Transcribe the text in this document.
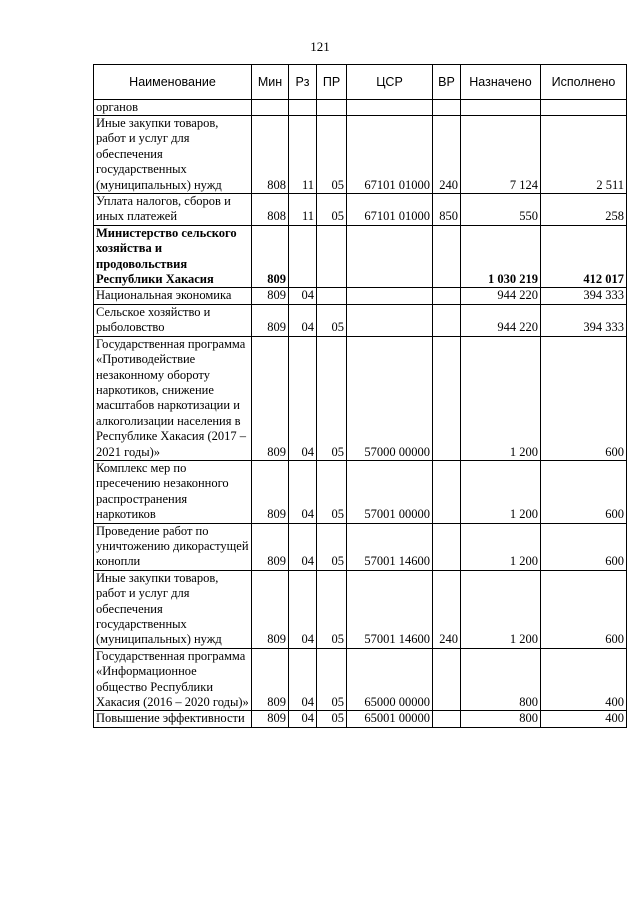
121
Наименование	Мин	Рз	ПР	ЦСР	ВР	Назначено	Исполнено
органов							
Иные закупки товаров, работ и услуг для обеспечения государственных (муниципальных) нужд	808	11	05	67101 01000	240	7 124	2 511
Уплата налогов, сборов и иных платежей	808	11	05	67101 01000	850	550	258
Министерство сельского хозяйства и продовольствия Республики Хакасия	809					1 030 219	412 017
Национальная экономика	809	04				944 220	394 333
Сельское хозяйство и рыболовство	809	04	05			944 220	394 333
Государственная программа «Противодействие незаконному обороту наркотиков, снижение масштабов наркотизации и алкоголизации населения в Республике Хакасия (2017 – 2021 годы)»	809	04	05	57000 00000		1 200	600
Комплекс мер по пресечению незаконного распространения наркотиков	809	04	05	57001 00000		1 200	600
Проведение работ по уничтожению дикорастущей конопли	809	04	05	57001 14600		1 200	600
Иные закупки товаров, работ и услуг для обеспечения государственных (муниципальных) нужд	809	04	05	57001 14600	240	1 200	600
Государственная программа «Информационное общество Республики Хакасия (2016 – 2020 годы)»	809	04	05	65000 00000		800	400
Повышение эффективности	809	04	05	65001 00000		800	400
